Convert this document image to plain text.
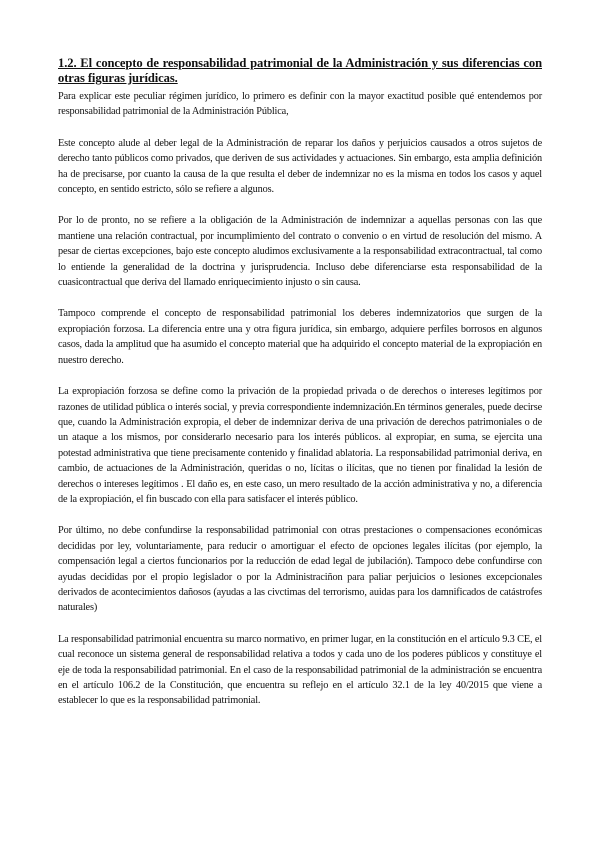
1.2. El concepto de responsabilidad patrimonial de la Administración y sus diferencias con otras figuras jurídicas.

Para explicar este peculiar régimen jurídico, lo primero es definir con la mayor exactitud posible qué entendemos por responsabilidad patrimonial de la Administración Pública,

Este concepto alude al deber legal de la Administración de reparar los daños y perjuicios causados a otros sujetos de derecho tanto públicos como privados, que deriven de sus actividades y actuaciones. Sin embargo, esta amplia definición ha de precisarse, por cuanto la causa de la que resulta el deber de indemnizar no es la misma en todos los casos y aquel concepto, en sentido estricto, sólo se refiere a algunos.

Por lo de pronto, no se refiere a la obligación de la Administración de indemnizar a aquellas personas con las que mantiene una relación contractual, por incumplimiento del contrato o convenio o en virtud de resolución del mismo. A pesar de ciertas excepciones, bajo este concepto aludimos exclusivamente a la responsabilidad extracontractual, tal como lo entiende la generalidad de la doctrina y jurisprudencia. Incluso debe diferenciarse esta responsabilidad de la cuasicontractual que deriva del llamado enriquecimiento injusto o sin causa.

Tampoco comprende el concepto de responsabilidad patrimonial los deberes indemnizatorios que surgen de la expropiación forzosa. La diferencia entre una y otra figura jurídica, sin embargo, adquiere perfiles borrosos en algunos casos, dada la amplitud que ha asumido el concepto material que ha adquirido el concepto material de la expropiación en nuestro derecho.

La expropiación forzosa se define como la privación de la propiedad privada o de derechos o intereses legítimos por razones de utilidad pública o interés social, y previa correspondiente indemnización.En términos generales, puede decirse que, cuando la Administración expropia, el deber de indemnizar deriva de una privación de derechos patrimoniales o de un ataque a los mismos, por considerarlo necesario para los interés públicos. al expropiar, en suma, se ejercita una potestad administrativa que tiene precisamente contenido y finalidad ablatoria. La responsabilidad patrimonial deriva, en cambio, de actuaciones de la Administración, queridas o no, lícitas o ilícitas, que no tienen por finalidad la lesión de derechos o intereses legítimos . El daño es, en este caso, un mero resultado de la acción administrativa y no, a diferencia de la expropiación, el fin buscado con ella para satisfacer el interés público.

Por último, no debe confundirse la responsabilidad patrimonial con otras prestaciones o compensaciones económicas decididas por ley, voluntariamente, para reducir o amortiguar el efecto de opciones legales ilícitas (por ejemplo, la compensación legal a ciertos funcionarios por la reducción de edad legal de jubilación). Tampoco debe confundirse con ayudas decididas por el propio legislador o por la Administraciñon para paliar perjuicios o lesiones excepcionales derivados de acontecimientos dañosos (ayudas a las civctimas del terrorismo, auidas para los damnificados de catástrofes naturales)

La responsabilidad patrimonial encuentra su marco normativo, en primer lugar, en la constitución en el artículo 9.3 CE, el cual reconoce un sistema general de responsabilidad relativa a todos y cada uno de los poderes públicos y constituye el eje de toda la responsabilidad patrimonial. En el caso de la responsabilidad patrimonial de la administración se encuentra en el artículo 106.2 de la Constitución, que encuentra su reflejo en el artículo 32.1 de la ley 40/2015 que viene a establecer lo que es la responsabilidad patrimonial.
